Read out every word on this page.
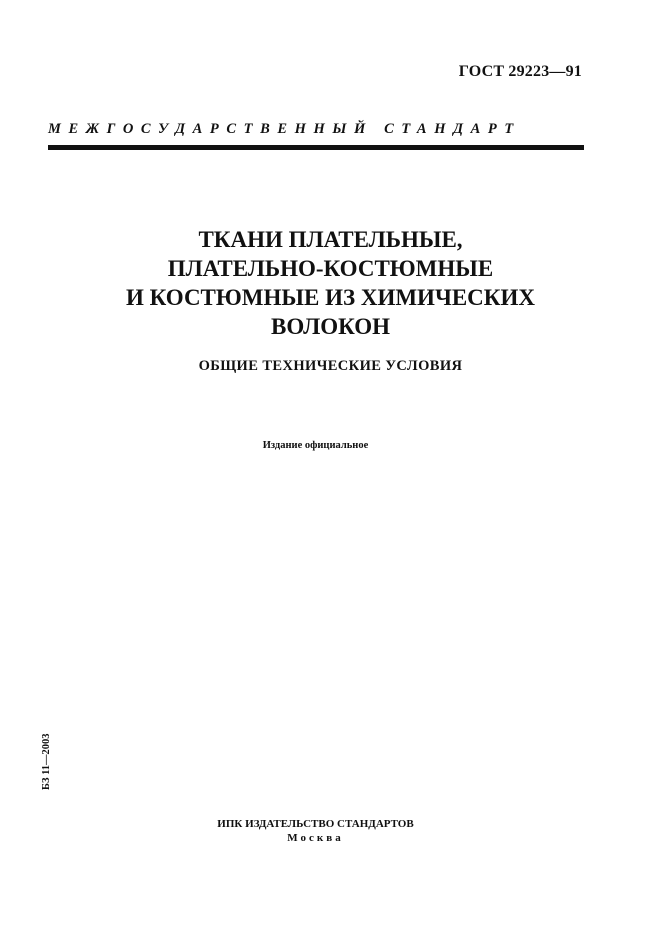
ГОСТ 29223—91
МЕЖГОСУДАРСТВЕННЫЙ СТАНДАРТ
ТКАНИ ПЛАТЕЛЬНЫЕ,
ПЛАТЕЛЬНО-КОСТЮМНЫЕ
И КОСТЮМНЫЕ ИЗ ХИМИЧЕСКИХ
ВОЛОКОН
ОБЩИЕ ТЕХНИЧЕСКИЕ УСЛОВИЯ
Издание официальное
БЗ 11—2003
ИПК ИЗДАТЕЛЬСТВО СТАНДАРТОВ
Москва
